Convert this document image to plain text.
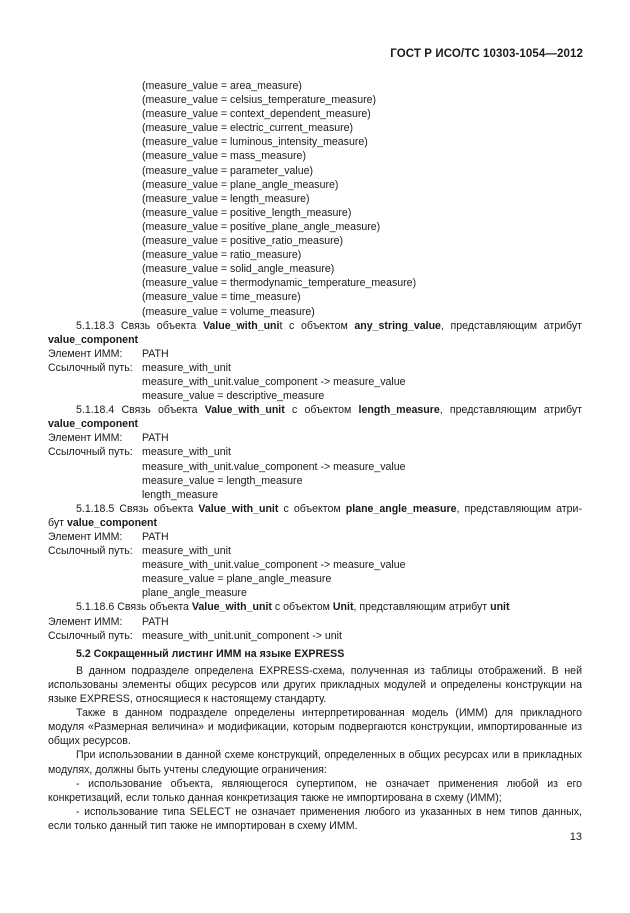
ГОСТ Р ИСО/ТС 10303-1054—2012
(measure_value = area_measure)
(measure_value = celsius_temperature_measure)
(measure_value = context_dependent_measure)
(measure_value = electric_current_measure)
(measure_value = luminous_intensity_measure)
(measure_value = mass_measure)
(measure_value = parameter_value)
(measure_value = plane_angle_measure)
(measure_value = length_measure)
(measure_value = positive_length_measure)
(measure_value = positive_plane_angle_measure)
(measure_value = positive_ratio_measure)
(measure_value = ratio_measure)
(measure_value = solid_angle_measure)
(measure_value = thermodynamic_temperature_measure)
(measure_value = time_measure)
(measure_value = volume_measure)
5.1.18.3 Связь объекта Value_with_unit с объектом any_string_value, представляющим атрибут
value_component
Элемент ИММ:	PATH
Ссылочный путь: measure_with_unit
measure_with_unit.value_component -> measure_value
measure_value = descriptive_measure
5.1.18.4 Связь объекта Value_with_unit с объектом length_measure, представляющим атрибут
value_component
Элемент ИММ:	PATH
Ссылочный путь: measure_with_unit
measure_with_unit.value_component -> measure_value
measure_value = length_measure
length_measure
5.1.18.5 Связь объекта Value_with_unit с объектом plane_angle_measure, представляющим атри-
бут value_component
Элемент ИММ:	PATH
Ссылочный путь: measure_with_unit
measure_with_unit.value_component -> measure_value
measure_value = plane_angle_measure
plane_angle_measure
5.1.18.6 Связь объекта Value_with_unit с объектом Unit, представляющим атрибут unit
Элемент ИММ:	PATH
Ссылочный путь: measure_with_unit.unit_component -> unit
5.2 Сокращенный листинг ИММ на языке EXPRESS
В данном подразделе определена EXPRESS-схема, полученная из таблицы отображений. В ней использованы элементы общих ресурсов или других прикладных модулей и определены конструкции на языке EXPRESS, относящиеся к настоящему стандарту.
Также в данном подразделе определены интерпретированная модель (ИММ) для прикладного модуля «Размерная величина» и модификации, которым подвергаются конструкции, импортированные из общих ресурсов.
При использовании в данной схеме конструкций, определенных в общих ресурсах или в прикладных модулях, должны быть учтены следующие ограничения:
- использование объекта, являющегося супертипом, не означает применения любой из его конкретизаций, если только данная конкретизация также не импортирована в схему (ИММ);
- использование типа SELECT не означает применения любого из указанных в нем типов данных, если только данный тип также не импортирован в схему ИММ.
13
